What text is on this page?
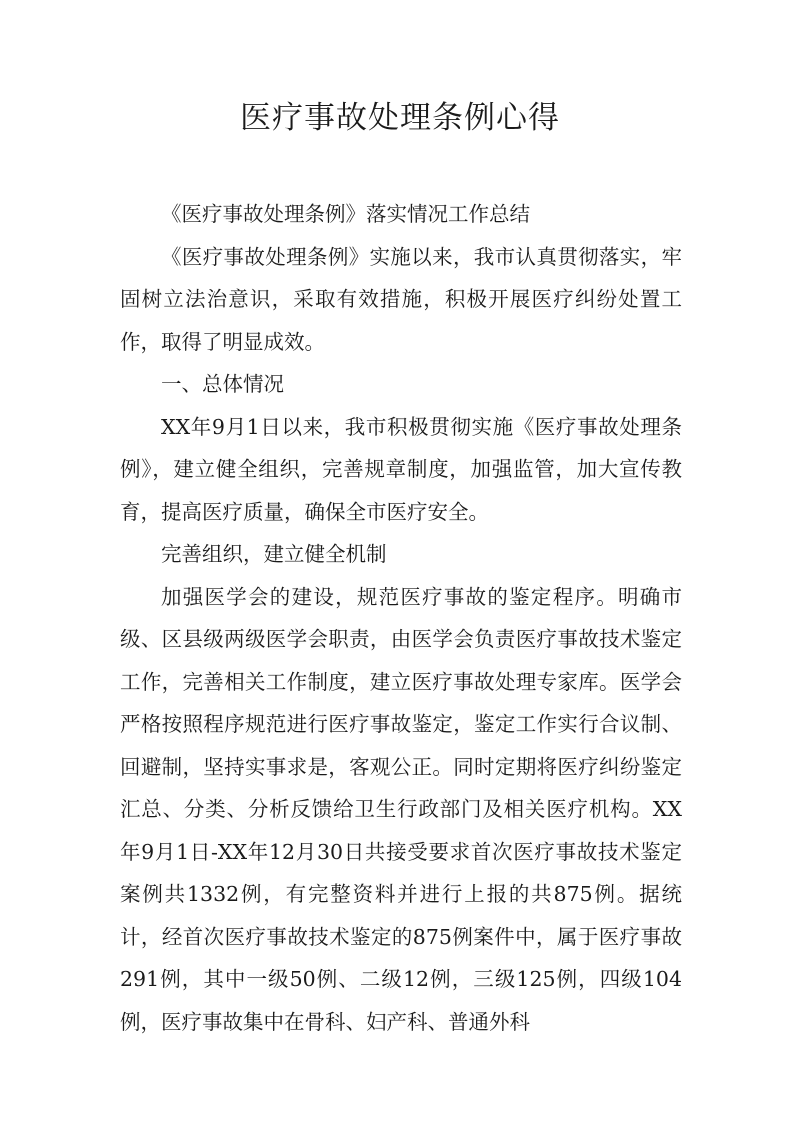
医疗事故处理条例心得

《医疗事故处理条例》落实情况工作总结

《医疗事故处理条例》实施以来，我市认真贯彻落实，牢固树立法治意识，采取有效措施，积极开展医疗纠纷处置工作，取得了明显成效。

一、总体情况

XX年9月1日以来，我市积极贯彻实施《医疗事故处理条例》，建立健全组织，完善规章制度，加强监管，加大宣传教育，提高医疗质量，确保全市医疗安全。

完善组织，建立健全机制

加强医学会的建设，规范医疗事故的鉴定程序。明确市级、区县级两级医学会职责，由医学会负责医疗事故技术鉴定工作，完善相关工作制度，建立医疗事故处理专家库。医学会严格按照程序规范进行医疗事故鉴定，鉴定工作实行合议制、回避制，坚持实事求是，客观公正。同时定期将医疗纠纷鉴定汇总、分类、分析反馈给卫生行政部门及相关医疗机构。XX年9月1日-XX年12月30日共接受要求首次医疗事故技术鉴定案例共1332例，有完整资料并进行上报的共875例。据统计，经首次医疗事故技术鉴定的875例案件中，属于医疗事故291例，其中一级50例、二级12例，三级125例，四级104例，医疗事故集中在骨科、妇产科、普通外科
